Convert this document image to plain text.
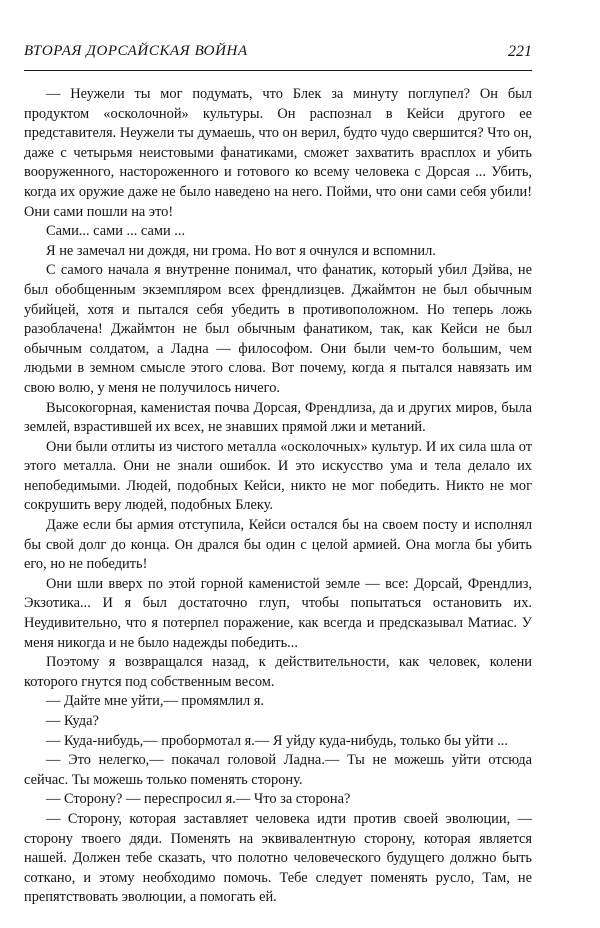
ВТОРАЯ ДОРСАЙСКАЯ ВОЙНА	221

— Неужели ты мог подумать, что Блек за минуту поглупел? Он был продуктом «осколочной» культуры. Он распознал в Кейси другого ее представителя. Неужели ты думаешь, что он верил, будто чудо свершится? Что он, даже с четырьмя неистовыми фанатиками, сможет захватить врасплох и убить вооруженного, настороженного и готового ко всему человека с Дорсая ... Убить, когда их оружие даже не было наведено на него. Пойми, что они сами себя убили! Они сами пошли на это!

Сами... сами ... сами ...

Я не замечал ни дождя, ни грома. Но вот я очнулся и вспомнил.

С самого начала я внутренне понимал, что фанатик, который убил Дэйва, не был обобщенным экземпляром всех френдлизцев. Джаймтон не был обычным убийцей, хотя и пытался себя убедить в противоположном. Но теперь ложь разоблачена! Джаймтон не был обычным фанатиком, так, как Кейси не был обычным солдатом, а Ладна — философом. Они были чем-то большим, чем людьми в земном смысле этого слова. Вот почему, когда я пытался навязать им свою волю, у меня не получилось ничего.

Высокогорная, каменистая почва Дорсая, Френдлиза, да и других миров, была землей, взрастившей их всех, не знавших прямой лжи и метаний.

Они были отлиты из чистого металла «осколочных» культур. И их сила шла от этого металла. Они не знали ошибок. И это искусство ума и тела делало их непобедимыми. Людей, подобных Кейси, никто не мог победить. Никто не мог сокрушить веру людей, подобных Блеку.

Даже если бы армия отступила, Кейси остался бы на своем посту и исполнял бы свой долг до конца. Он дрался бы один с целой армией. Она могла бы убить его, но не победить!

Они шли вверх по этой горной каменистой земле — все: Дорсай, Френдлиз, Экзотика... И я был достаточно глуп, чтобы попытаться остановить их. Неудивительно, что я потерпел поражение, как всегда и предсказывал Матиас. У меня никогда и не было надежды победить...

Поэтому я возвращался назад, к действительности, как человек, колени которого гнутся под собственным весом.

— Дайте мне уйти,— промямлил я.

— Куда?

— Куда-нибудь,— пробормотал я.— Я уйду куда-нибудь, только бы уйти ...

— Это нелегко,— покачал головой Ладна.— Ты не можешь уйти отсюда сейчас. Ты можешь только поменять сторону.

— Сторону? — переспросил я.— Что за сторона?

— Сторону, которая заставляет человека идти против своей эволюции, — сторону твоего дяди. Поменять на эквивалентную сторону, которая является нашей. Должен тебе сказать, что полотно человеческого будущего должно быть соткано, и этому необходимо помочь. Тебе следует поменять русло, Там, не препятствовать эволюции, а помогать ей.
